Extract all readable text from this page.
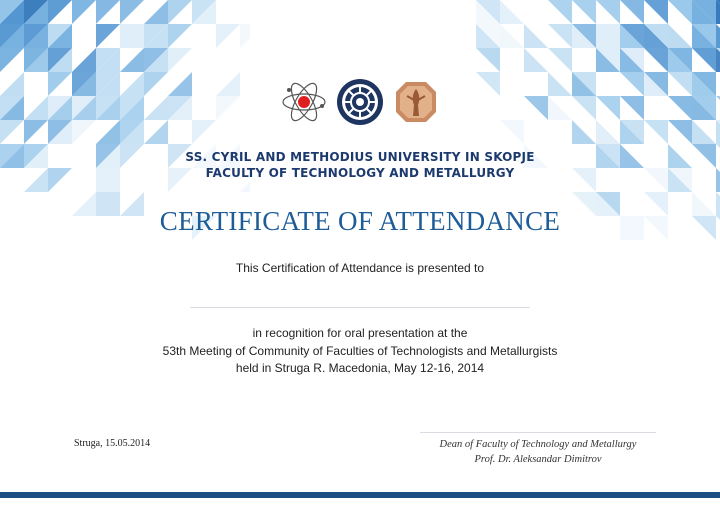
SS. CYRIL AND METHODIUS UNIVERSITY IN SKOPJE
FACULTY OF TECHNOLOGY AND METALLURGY
CERTIFICATE OF ATTENDANCE
This Certification of Attendance is presented to
in recognition for oral presentation at the
53th Meeting of Community of Faculties of Technologists and Metallurgists
held in Struga R. Macedonia, May 12-16, 2014
Struga, 15.05.2014	Dean of Faculty of Technology and Metallurgy
Prof. Dr. Aleksandar Dimitrov
